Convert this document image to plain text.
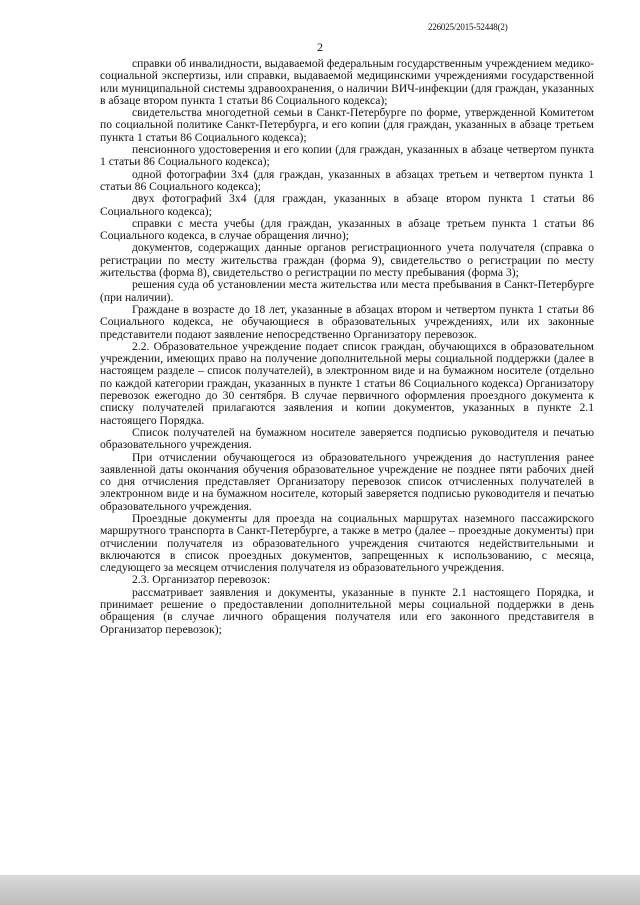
226025/2015-52448(2)
2

справки об инвалидности, выдаваемой федеральным государственным учреждением медико-социальной экспертизы, или справки, выдаваемой медицинскими учреждениями государственной или муниципальной системы здравоохранения, о наличии ВИЧ-инфекции (для граждан, указанных в абзаце втором пункта 1 статьи 86 Социального кодекса);

свидетельства многодетной семьи в Санкт-Петербурге по форме, утвержденной Комитетом по социальной политике Санкт-Петербурга, и его копии (для граждан, указанных в абзаце третьем пункта 1 статьи 86 Социального кодекса);

пенсионного удостоверения и его копии (для граждан, указанных в абзаце четвертом пункта 1 статьи 86 Социального кодекса);

одной фотографии 3х4 (для граждан, указанных в абзацах третьем и четвертом пункта 1 статьи 86 Социального кодекса);

двух фотографий 3х4 (для граждан, указанных в абзаце втором пункта 1 статьи 86 Социального кодекса);

справки с места учебы (для граждан, указанных в абзаце третьем пункта 1 статьи 86 Социального кодекса, в случае обращения лично);

документов, содержащих данные органов регистрационного учета получателя (справка о регистрации по месту жительства граждан (форма 9), свидетельство о регистрации по месту жительства (форма 8), свидетельство о регистрации по месту пребывания (форма 3);

решения суда об установлении места жительства или места пребывания в Санкт-Петербурге (при наличии).

Граждане в возрасте до 18 лет, указанные в абзацах втором и четвертом пункта 1 статьи 86 Социального кодекса, не обучающиеся в образовательных учреждениях, или их законные представители подают заявление непосредственно Организатору перевозок.

2.2. Образовательное учреждение подает список граждан, обучающихся в образовательном учреждении, имеющих право на получение дополнительной меры социальной поддержки (далее в настоящем разделе – список получателей), в электронном виде и на бумажном носителе (отдельно по каждой категории граждан, указанных в пункте 1 статьи 86 Социального кодекса) Организатору перевозок ежегодно до 30 сентября. В случае первичного оформления проездного документа к списку получателей прилагаются заявления и копии документов, указанных в пункте 2.1 настоящего Порядка.

Список получателей на бумажном носителе заверяется подписью руководителя и печатью образовательного учреждения.

При отчислении обучающегося из образовательного учреждения до наступления ранее заявленной даты окончания обучения образовательное учреждение не позднее пяти рабочих дней со дня отчисления представляет Организатору перевозок список отчисленных получателей в электронном виде и на бумажном носителе, который заверяется подписью руководителя и печатью образовательного учреждения.

Проездные документы для проезда на социальных маршрутах наземного пассажирского маршрутного транспорта в Санкт-Петербурге, а также в метро (далее – проездные документы) при отчислении получателя из образовательного учреждения считаются недействительными и включаются в список проездных документов, запрещенных к использованию, с месяца, следующего за месяцем отчисления получателя из образовательного учреждения.

2.3. Организатор перевозок:

рассматривает заявления и документы, указанные в пункте 2.1 настоящего Порядка, и принимает решение о предоставлении дополнительной меры социальной поддержки в день обращения (в случае личного обращения получателя или его законного представителя в Организатор перевозок);
